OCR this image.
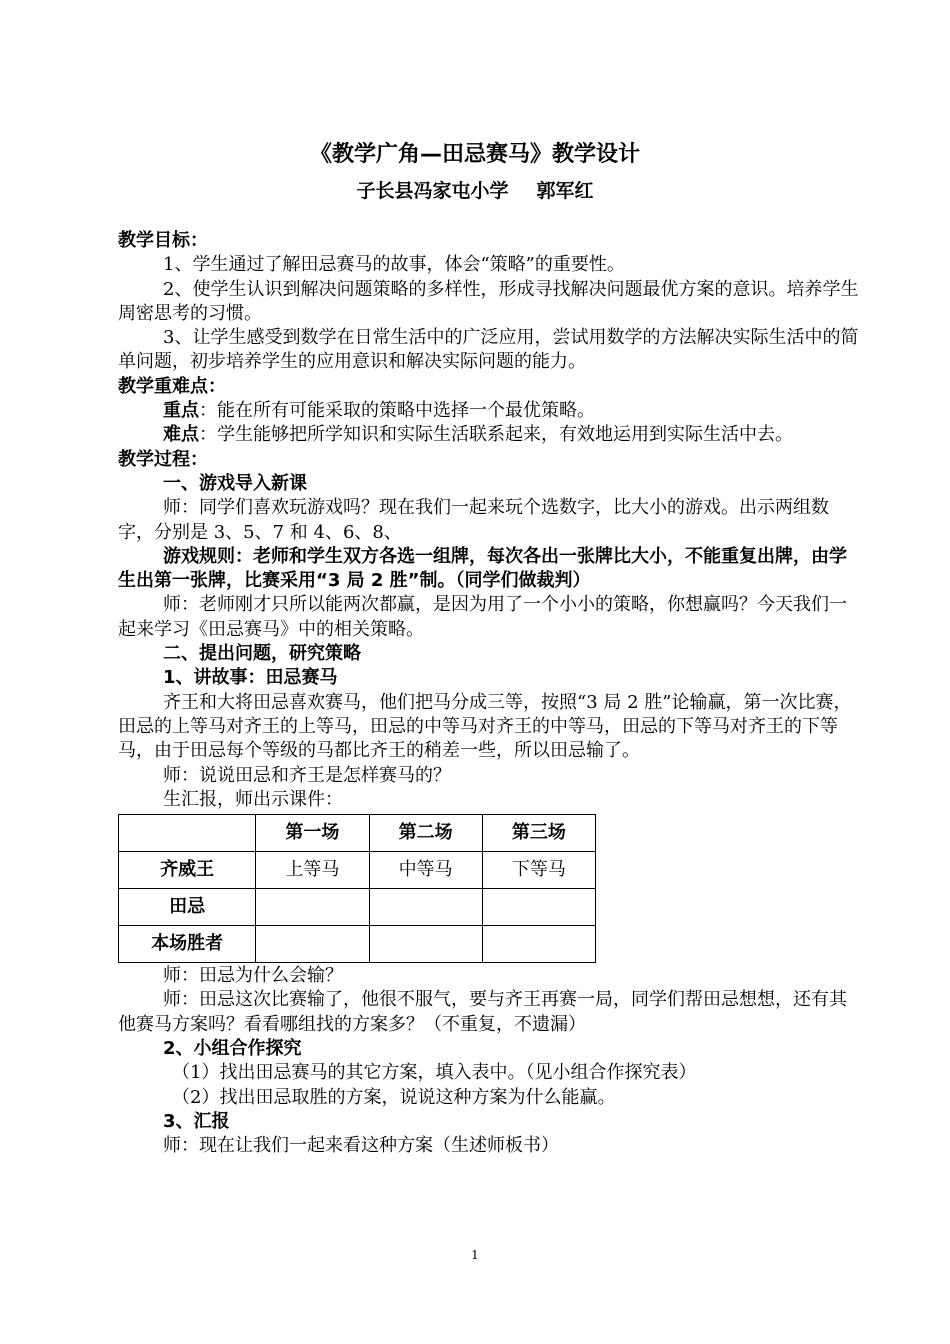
《教学广角—田忌赛马》教学设计
子长县冯家屯小学 郭军红

教学目标：

1、学生通过了解田忌赛马的故事，体会“策略”的重要性。

2、使学生认识到解决问题策略的多样性，形成寻找解决问题最优方案的意识。培养学生周密思考的习惯。

3、让学生感受到数学在日常生活中的广泛应用，尝试用数学的方法解决实际生活中的简单问题，初步培养学生的应用意识和解决实际问题的能力。

教学重难点：

重点：能在所有可能采取的策略中选择一个最优策略。

难点：学生能够把所学知识和实际生活联系起来，有效地运用到实际生活中去。

教学过程：

一、游戏导入新课

师：同学们喜欢玩游戏吗？现在我们一起来玩个选数字，比大小的游戏。出示两组数字，分别是 3、5、7 和 4、6、8、

游戏规则：老师和学生双方各选一组牌，每次各出一张牌比大小，不能重复出牌，由学生出第一张牌，比赛采用“3 局 2 胜”制。（同学们做裁判）

师：老师刚才只所以能两次都赢，是因为用了一个小小的策略，你想赢吗？今天我们一起来学习《田忌赛马》中的相关策略。

二、提出问题，研究策略

1、讲故事：田忌赛马

齐王和大将田忌喜欢赛马，他们把马分成三等，按照“3 局 2 胜”论输赢，第一次比赛，田忌的上等马对齐王的上等马，田忌的中等马对齐王的中等马，田忌的下等马对齐王的下等马，由于田忌每个等级的马都比齐王的稍差一些，所以田忌输了。

师：说说田忌和齐王是怎样赛马的？

生汇报，师出示课件：

	第一场	第二场	第三场
齐威王	上等马	中等马	下等马
田忌			
本场胜者			

师：田忌为什么会输？

师：田忌这次比赛输了，他很不服气，要与齐王再赛一局，同学们帮田忌想想，还有其他赛马方案吗？看看哪组找的方案多？（不重复，不遗漏）

2、小组合作探究

（1）找出田忌赛马的其它方案，填入表中。（见小组合作探究表）

（2）找出田忌取胜的方案，说说这种方案为什么能赢。

3、汇报

师：现在让我们一起来看这种方案（生述师板书）

1
